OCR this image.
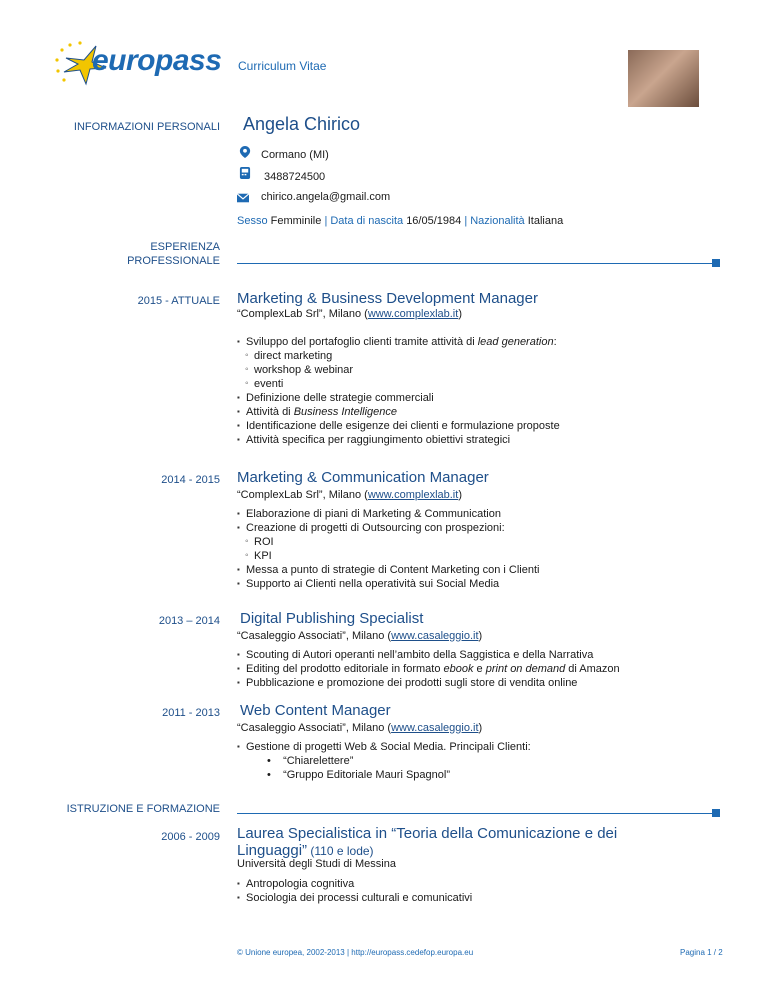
europass Curriculum Vitae
INFORMAZIONI PERSONALI Angela Chirico
Cormano (MI)
3488724500
chirico.angela@gmail.com
Sesso Femminile | Data di nascita 16/05/1984 | Nazionalità Italiana
ESPERIENZA
PROFESSIONALE
2015 - ATTUALE Marketing & Business Development Manager
“ComplexLab Srl”, Milano (www.complexlab.it)
▪ Sviluppo del portafoglio clienti tramite attività di lead generation:
◦ direct marketing
◦ workshop & webinar
◦ eventi
▪ Definizione delle strategie commerciali
▪ Attività di Business Intelligence
▪ Identificazione delle esigenze dei clienti e formulazione proposte
▪ Attività specifica per raggiungimento obiettivi strategici
2014 - 2015 Marketing & Communication Manager
“ComplexLab Srl”, Milano (www.complexlab.it)
▪ Elaborazione di piani di Marketing & Communication
▪ Creazione di progetti di Outsourcing con prospezioni:
◦ ROI
◦ KPI
▪ Messa a punto di strategie di Content Marketing con i Clienti
▪ Supporto ai Clienti nella operatività sui Social Media
2013 – 2014 Digital Publishing Specialist
“Casaleggio Associati”, Milano (www.casaleggio.it)
▪ Scouting di Autori operanti nell’ambito della Saggistica e della Narrativa
▪ Editing del prodotto editoriale in formato ebook e print on demand di Amazon
▪ Pubblicazione e promozione dei prodotti sugli store di vendita online
2011 - 2013 Web Content Manager
“Casaleggio Associati”, Milano (www.casaleggio.it)
▪ Gestione di progetti Web & Social Media. Principali Clienti:
•    “Chiarelettere”
•    “Gruppo Editoriale Mauri Spagnol”
ISTRUZIONE E FORMAZIONE
2006 - 2009 Laurea Specialistica in “Teoria della Comunicazione e dei
Linguaggi” (110 e lode)
Università degli Studi di Messina
▪ Antropologia cognitiva
▪ Sociologia dei processi culturali e comunicativi
© Unione europea, 2002-2013 | http://europass.cedefop.europa.eu	Pagina 1 / 2
